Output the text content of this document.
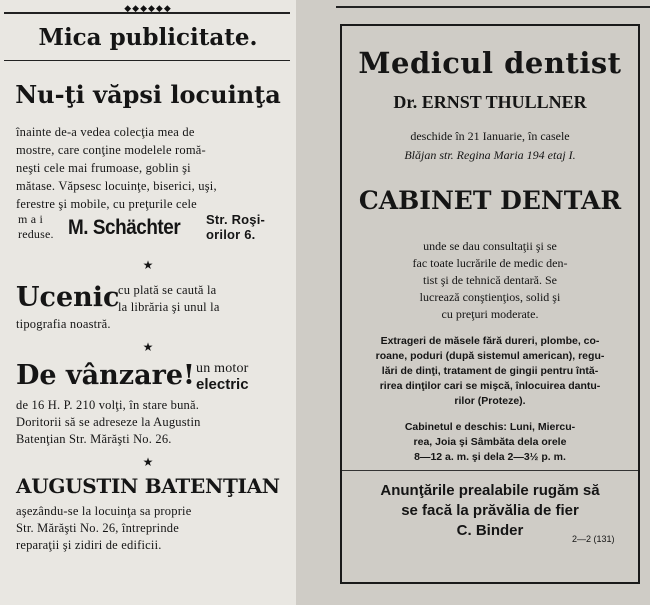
◆◆◆◆◆◆
Mica publicitate.
Nu-ţi văpsi locuinţa
înainte de-a vedea colecţia mea de
mostre, care conţine modelele romă-
neşti cele mai frumoase, goblin şi
mătase. Văpsesc locuinţe, biserici, uşi,
ferestre şi mobile, cu preţurile cele
m a i
reduse. M. Schächter Str. Roşi-
orilor 6.
★
Ucenic
cu plată se caută la
la librăria şi unul la
tipografia noastră.
★
De vânzare! un motor
electric
de 16 H. P. 210 volţi, în stare bună.
Doritorii să se adreseze la Augustin
Batenţian Str. Mărăşti No. 26.
★
AUGUSTIN BATENŢIAN
aşezându-se la locuinţa sa proprie
Str. Mărăşti No. 26, întreprinde
reparaţii şi zidiri de edificii.
Medicul dentist
Dr. ERNST THULLNER
deschide în 21 Ianuarie, în casele
Blăjan str. Regina Maria 194 etaj I.
CABINET DENTAR
unde se dau consultaţii şi se
fac toate lucrările de medic den-
tist şi de tehnică dentară. Se
lucrează conştienţios, solid şi
cu preţuri moderate.
Extrageri de măsele fără dureri, plombe, co-
roane, poduri (după sistemul american), regu-
lări de dinţi, tratament de gingii pentru întă-
rirea dinţilor cari se mişcă, înlocuirea dantu-
rilor (Proteze).
Cabinetul e deschis: Luni, Miercu-
rea, Joia şi Sâmbăta dela orele
8—12 a. m. şi dela 2—3½ p. m.
Anunţările prealabile rugăm să
se facă la prăvălia de fier
C. Binder	2—2 (131)
